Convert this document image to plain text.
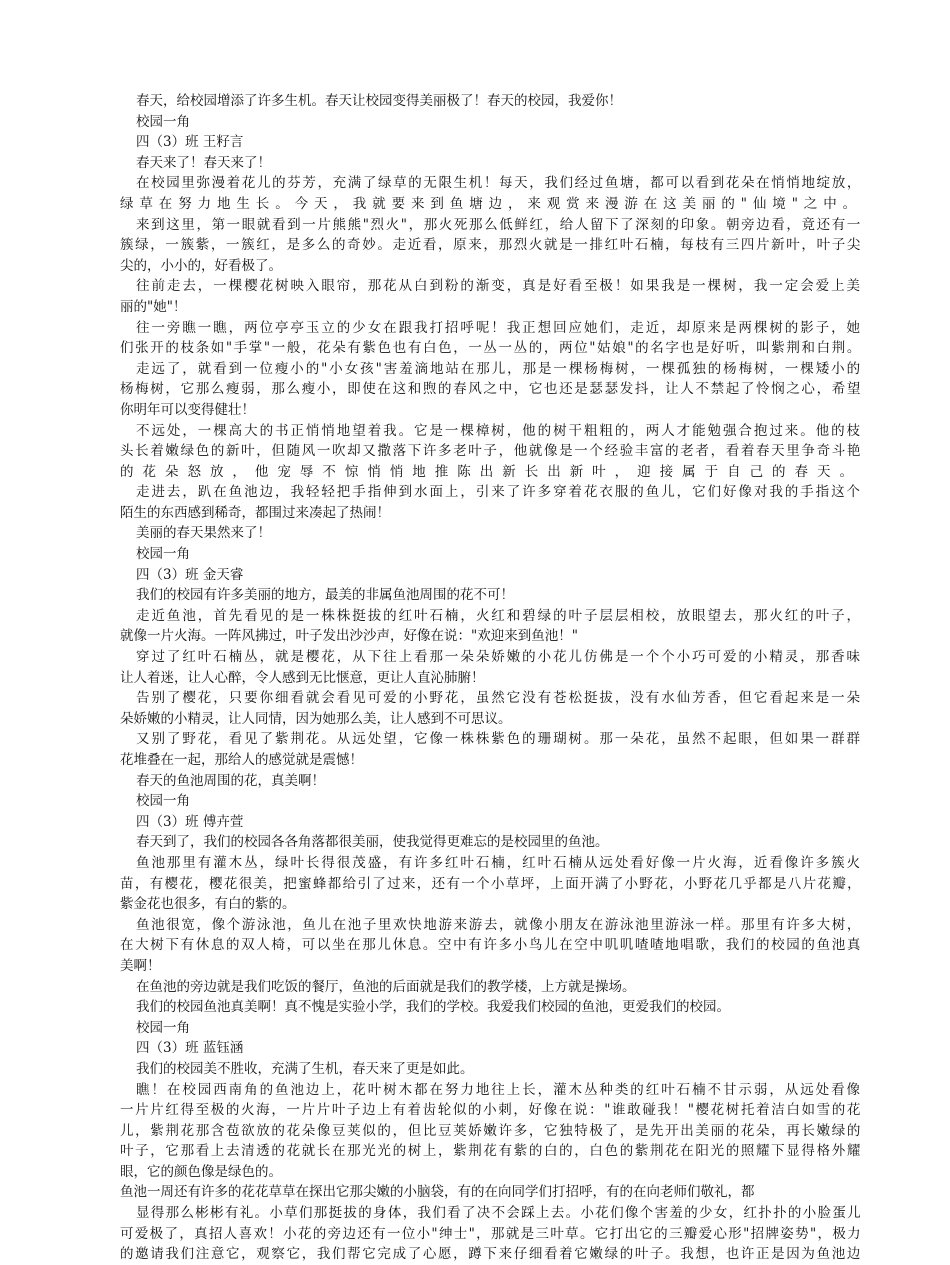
春天，给校园增添了许多生机。春天让校园变得美丽极了！春天的校园，我爱你！
校园一角
四（3）班 王籽言
春天来了！春天来了！
在校园里弥漫着花儿的芬芳，充满了绿草的无限生机！每天，我们经过鱼塘，都可以看到花朵在悄悄地绽放，
绿草在努力地生长。今天，我就要来到鱼塘边，来观赏来漫游在这美丽的"仙境"之中。
来到这里，第一眼就看到一片熊熊"烈火"，那火死那么低鲜红，给人留下了深刻的印象。朝旁边看，竟还有一
簇绿，一簇紫，一簇红，是多么的奇妙。走近看，原来，那烈火就是一排红叶石楠，每枝有三四片新叶，叶子尖
尖的，小小的，好看极了。
往前走去，一棵樱花树映入眼帘，那花从白到粉的渐变，真是好看至极！如果我是一棵树，我一定会爱上美
丽的"她"！
往一旁瞧一瞧，两位亭亭玉立的少女在跟我打招呼呢！我正想回应她们，走近，却原来是两棵树的影子，她
们张开的枝条如"手掌"一般，花朵有紫色也有白色，一丛一丛的，两位"姑娘"的名字也是好听，叫紫荆和白荆。
走远了，就看到一位瘦小的"小女孩"害羞滴地站在那儿，那是一棵杨梅树，一棵孤独的杨梅树，一棵矮小的
杨梅树，它那么瘦弱，那么瘦小，即使在这和煦的春风之中，它也还是瑟瑟发抖，让人不禁起了怜悯之心，希望
你明年可以变得健壮！
不远处，一棵高大的书正悄悄地望着我。它是一棵樟树，他的树干粗粗的，两人才能勉强合抱过来。他的枝
头长着嫩绿色的新叶，但随风一吹却又撒落下许多老叶子，他就像是一个经验丰富的老者，看着春天里争奇斗艳
的花朵怒放，他宠辱不惊悄悄地推陈出新长出新叶，迎接属于自己的春天。
走进去，趴在鱼池边，我轻轻把手指伸到水面上，引来了许多穿着花衣服的鱼儿，它们好像对我的手指这个
陌生的东西感到稀奇，都围过来凑起了热闹！
美丽的春天果然来了！
校园一角
四（3）班 金天睿
我们的校园有许多美丽的地方，最美的非属鱼池周围的花不可！
走近鱼池，首先看见的是一株株挺拔的红叶石楠，火红和碧绿的叶子层层相校，放眼望去，那火红的叶子，
就像一片火海。一阵风拂过，叶子发出沙沙声，好像在说："欢迎来到鱼池！"
穿过了红叶石楠丛，就是樱花，从下往上看那一朵朵娇嫩的小花儿仿佛是一个个小巧可爱的小精灵，那香味
让人着迷，让人心醉，令人感到无比惬意，更让人直沁肺腑！
告别了樱花，只要你细看就会看见可爱的小野花，虽然它没有苍松挺拔，没有水仙芳香，但它看起来是一朵
朵娇嫩的小精灵，让人同情，因为她那么美，让人感到不可思议。
又别了野花，看见了紫荆花。从远处望，它像一株株紫色的珊瑚树。那一朵花，虽然不起眼，但如果一群群
花堆叠在一起，那给人的感觉就是震憾！
春天的鱼池周围的花，真美啊！
校园一角
四（3）班 傅卉萱
春天到了，我们的校园各各角落都很美丽，使我觉得更难忘的是校园里的鱼池。
鱼池那里有灌木丛，绿叶长得很茂盛，有许多红叶石楠，红叶石楠从远处看好像一片火海，近看像许多簇火
苗，有樱花，樱花很美，把蜜蜂都给引了过来，还有一个小草坪，上面开满了小野花，小野花几乎都是八片花瓣，
紫金花也很多，有白的紫的。
鱼池很宽，像个游泳池，鱼儿在池子里欢快地游来游去，就像小朋友在游泳池里游泳一样。那里有许多大树，
在大树下有休息的双人椅，可以坐在那儿休息。空中有许多小鸟儿在空中叽叽喳喳地唱歌，我们的校园的鱼池真
美啊！
在鱼池的旁边就是我们吃饭的餐厅，鱼池的后面就是我们的教学楼，上方就是操场。
我们的校园鱼池真美啊！真不愧是实验小学，我们的学校。我爱我们校园的鱼池，更爱我们的校园。
校园一角
四（3）班 蓝钰涵
我们的校园美不胜收，充满了生机，春天来了更是如此。
瞧！在校园西南角的鱼池边上，花叶树木都在努力地往上长，灌木丛种类的红叶石楠不甘示弱，从远处看像
一片片红得至极的火海，一片片叶子边上有着齿轮似的小刺，好像在说："谁敢碰我！"樱花树托着洁白如雪的花
儿，紫荆花那含苞欲放的花朵像豆荚似的，但比豆荚娇嫩许多，它独特极了，是先开出美丽的花朵，再长嫩绿的
叶子，它那看上去清透的花就长在那光光的树上，紫荆花有紫的白的，白色的紫荆花在阳光的照耀下显得格外耀
眼，它的颜色像是绿色的。
鱼池一周还有许多的花花草草在探出它那尖嫩的小脑袋，有的在向同学们打招呼，有的在向老师们敬礼，都
显得那么彬彬有礼。小草们那挺拔的身体，我们看了决不会踩上去。小花们像个害羞的少女，红扑扑的小脸蛋儿
可爱极了，真招人喜欢！小花的旁边还有一位小"绅士"，那就是三叶草。它打出它的三瓣爱心形"招牌姿势"，极力
的邀请我们注意它，观察它，我们帮它完成了心愿，蹲下来仔细看着它嫩绿的叶子。我想，也许正是因为鱼池边
